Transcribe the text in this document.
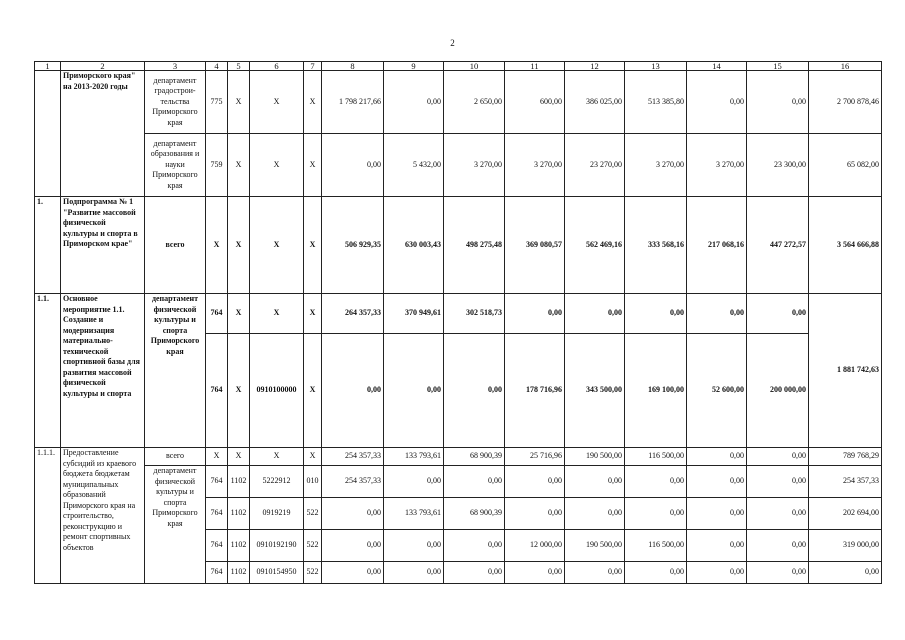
2
1	2	3	4	5	6	7	8	9	10	11	12	13	14	15	16
	Приморского края" на 2013-2020 годы	департамент градострои-тельства Приморского края	775	X	X	X	1 798 217,66	0,00	2 650,00	600,00	386 025,00	513 385,80	0,00	0,00	2 700 878,46
		департамент образования и науки Приморского края	759	X	X	X	0,00	5 432,00	3 270,00	3 270,00	23 270,00	3 270,00	3 270,00	23 300,00	65 082,00
1.	Подпрограмма № 1 "Развитие массовой физической культуры и спорта в Приморском крае"	всего	X	X	X	X	506 929,35	630 003,43	498 275,48	369 080,57	562 469,16	333 568,16	217 068,16	447 272,57	3 564 666,88
1.1.	Основное мероприятие 1.1. Создание и модернизация материально-технической спортивной базы для развития массовой физической культуры и спорта	департамент физической культуры и спорта Приморского края	764	X	X	X	264 357,33	370 949,61	302 518,73	0,00	0,00	0,00	0,00	0,00	1 881 742,63
			764	X	0910100000	X	0,00	0,00	0,00	178 716,96	343 500,00	169 100,00	52 600,00	200 000,00	
1.1.1.	Предоставление субсидий из краевого бюджета бюджетам муниципальных образований Приморского края на строительство, реконструкцию и ремонт спортивных объектов	всего	X	X	X	X	254 357,33	133 793,61	68 900,39	25 716,96	190 500,00	116 500,00	0,00	0,00	789 768,29
		департамент физической культуры и спорта Приморского края	764	1102	5222912	010	254 357,33	0,00	0,00	0,00	0,00	0,00	0,00	0,00	254 357,33
			764	1102	0919219	522	0,00	133 793,61	68 900,39	0,00	0,00	0,00	0,00	0,00	202 694,00
			764	1102	0910192190	522	0,00	0,00	0,00	12 000,00	190 500,00	116 500,00	0,00	0,00	319 000,00
			764	1102	0910154950	522	0,00	0,00	0,00	0,00	0,00	0,00	0,00	0,00	0,00
